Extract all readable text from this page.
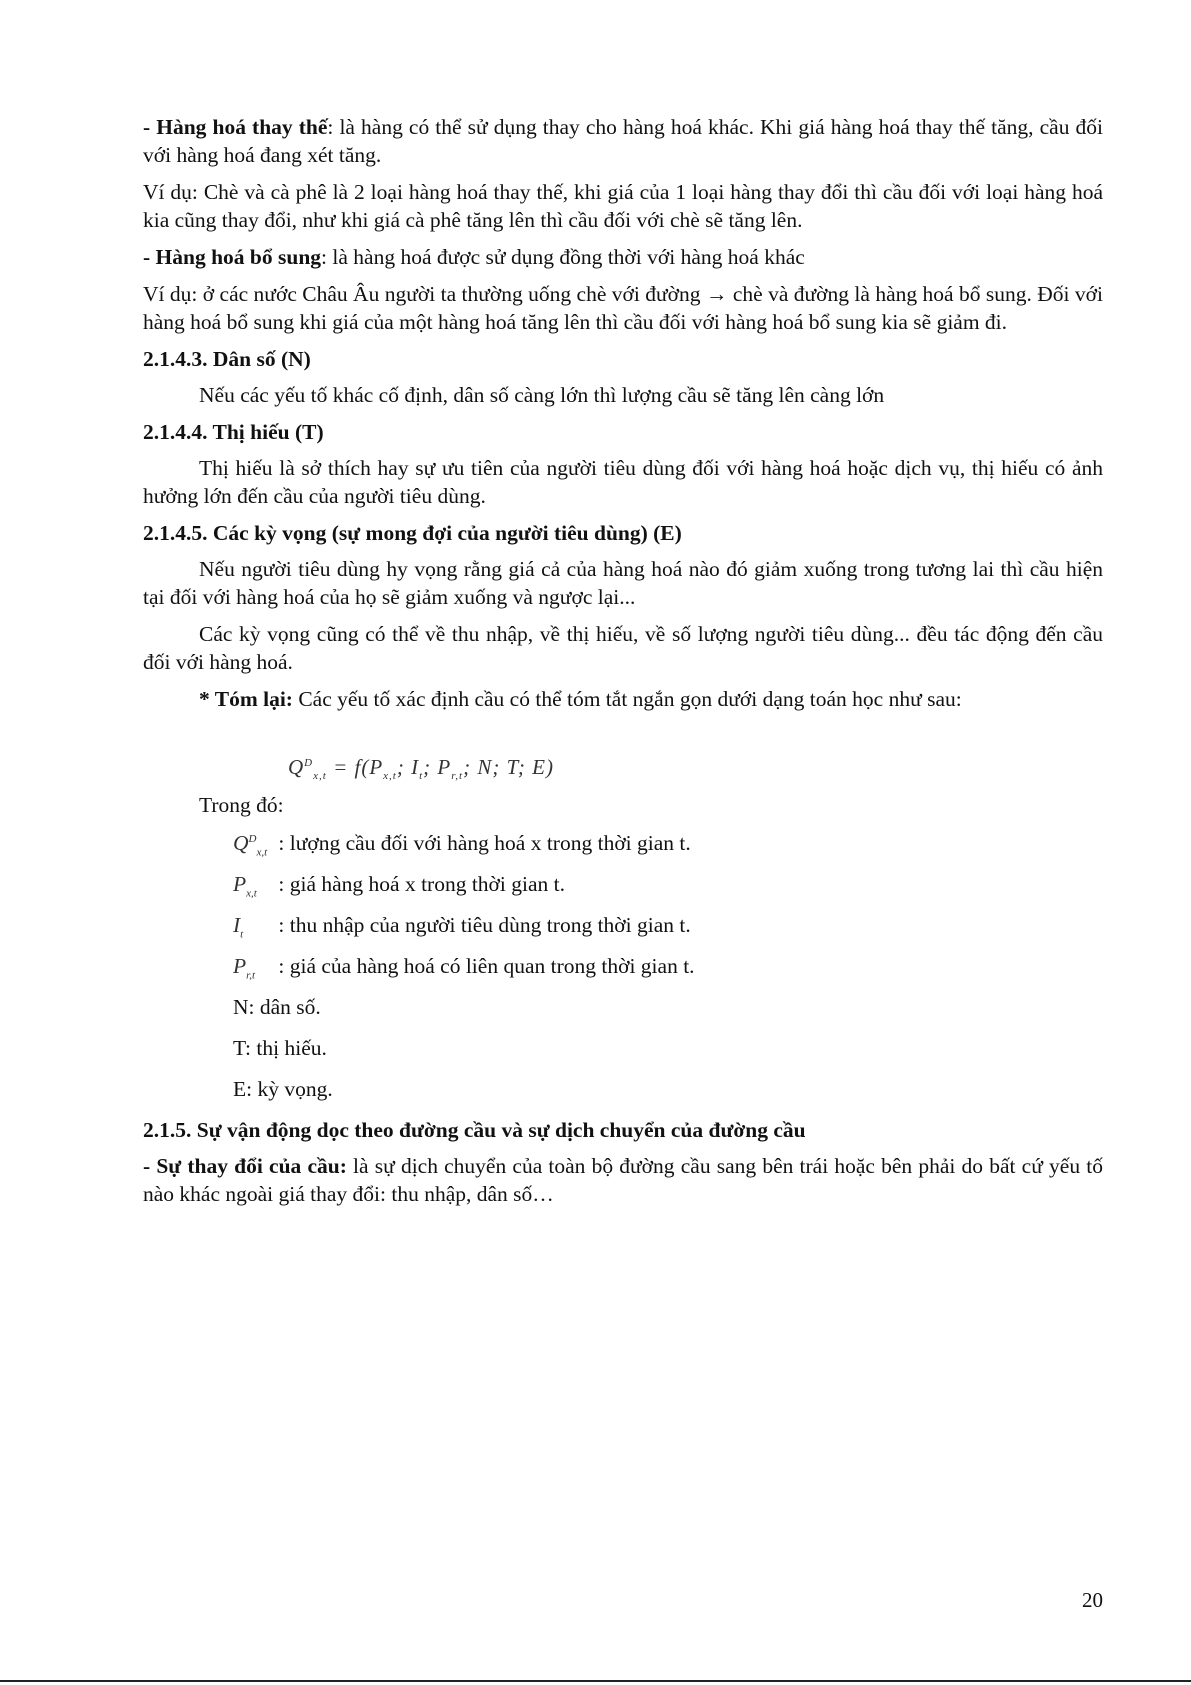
- Hàng hoá thay thế: là hàng có thể sử dụng thay cho hàng hoá khác. Khi giá hàng hoá thay thế tăng, cầu đối với hàng hoá đang xét tăng.

Ví dụ: Chè và cà phê là 2 loại hàng hoá thay thế, khi giá của 1 loại hàng thay đổi thì cầu đối với loại hàng hoá kia cũng thay đổi, như khi giá cà phê tăng lên thì cầu đối với chè sẽ tăng lên.

- Hàng hoá bổ sung: là hàng hoá được sử dụng đồng thời với hàng hoá khác

Ví dụ: ở các nước Châu Âu người ta thường uống chè với đường → chè và đường là hàng hoá bổ sung. Đối với hàng hoá bổ sung khi giá của một hàng hoá tăng lên thì cầu đối với hàng hoá bổ sung kia sẽ giảm đi.

2.1.4.3. Dân số (N)

Nếu các yếu tố khác cố định, dân số càng lớn thì lượng cầu sẽ tăng lên càng lớn

2.1.4.4. Thị hiếu (T)

Thị hiếu là sở thích hay sự ưu tiên của người tiêu dùng đối với hàng hoá hoặc dịch vụ, thị hiếu có ảnh hưởng lớn đến cầu của người tiêu dùng.

2.1.4.5. Các kỳ vọng (sự mong đợi của người tiêu dùng) (E)

Nếu người tiêu dùng hy vọng rằng giá cả của hàng hoá nào đó giảm xuống trong tương lai thì cầu hiện tại đối với hàng hoá của họ sẽ giảm xuống và ngược lại...

Các kỳ vọng cũng có thể về thu nhập, về thị hiếu, về số lượng người tiêu dùng... đều tác động đến cầu đối với hàng hoá.

* Tóm lại: Các yếu tố xác định cầu có thể tóm tắt ngắn gọn dưới dạng toán học như sau:

$Q^D_{x,t} = f(P_{x,t}$; $I_t$; $P_{r,t}$; N; T; E)

Trong đó:

$Q^D_{x,t}$ : lượng cầu đối với hàng hoá x trong thời gian t.

$P_{x,t}$ : giá hàng hoá x trong thời gian t.

$I_t$ : thu nhập của người tiêu dùng trong thời gian t.

$P_{r,t}$ : giá của hàng hoá có liên quan trong thời gian t.

N: dân số.

T: thị hiếu.

E: kỳ vọng.

2.1.5. Sự vận động dọc theo đường cầu và sự dịch chuyển của đường cầu

- Sự thay đổi của cầu: là sự dịch chuyển của toàn bộ đường cầu sang bên trái hoặc bên phải do bất cứ yếu tố nào khác ngoài giá thay đổi: thu nhập, dân số…

20
